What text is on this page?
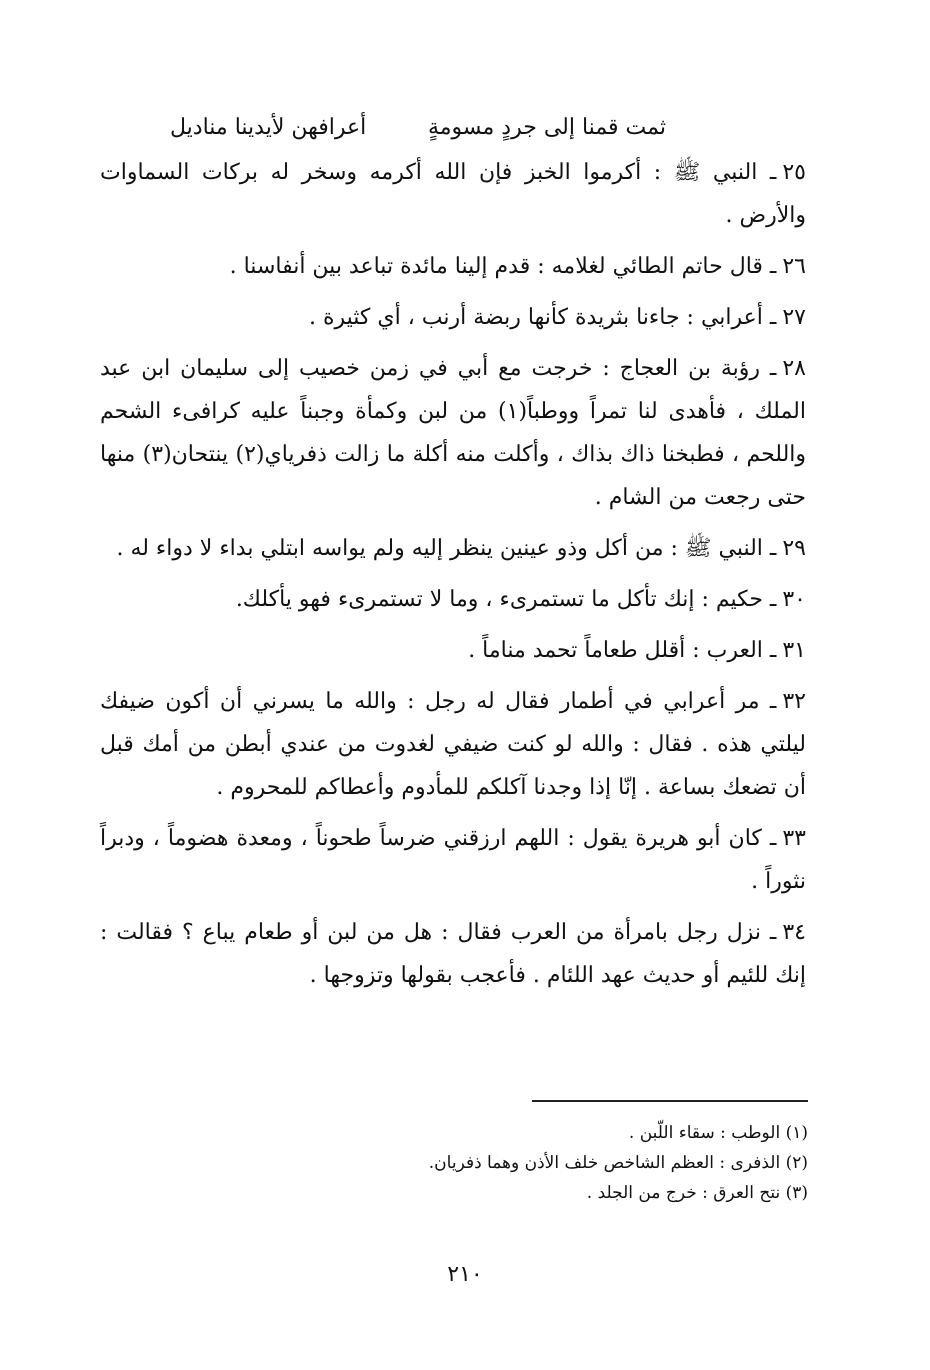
ثمت قمنا إلى جردٍ مسومةٍ
أعرافهن لأيدينا مناديل

٢٥ـ النبي ﷺ : أكرموا الخبز فإن الله أكرمه وسخر له بركات السماوات والأرض .

٢٦ـ قال حاتم الطائي لغلامه : قدم إلينا مائدة تباعد بين أنفاسنا .

٢٧ـ أعرابي : جاءنا بثريدة كأنها ربضة أرنب ، أي كثيرة .

٢٨ـ رؤبة بن العجاج : خرجت مع أبي في زمن خصيب إلى سليمان ابن عبد الملك ، فأهدى لنا تمراً ووطباً(١) من لبن وكمأة وجبناً عليه كرافىء الشحم واللحم ، فطبخنا ذاك بذاك ، وأكلت منه أكلة ما زالت ذفرياي(٢) ينتحان(٣) منها حتى رجعت من الشام .

٢٩ـ النبي ﷺ : من أكل وذو عينين ينظر إليه ولم يواسه ابتلي بداء لا دواء له .

٣٠ـ حكيم : إنك تأكل ما تستمرىء ، وما لا تستمرىء فهو يأكلك.

٣١ـ العرب : أقلل طعاماً تحمد مناماً .

٣٢ـ مر أعرابي في أطمار فقال له رجل : والله ما يسرني أن أكون ضيفك ليلتي هذه . فقال : والله لو كنت ضيفي لغدوت من عندي أبطن من أمك قبل أن تضعك بساعة . إنّا إذا وجدنا آكلكم للمأدوم وأعطاكم للمحروم .

٣٣ـ كان أبو هريرة يقول : اللهم ارزقني ضرساً طحوناً ، ومعدة هضوماً ، ودبراً نثوراً .

٣٤ـ نزل رجل بامرأة من العرب فقال : هل من لبن أو طعام يباع ؟ فقالت : إنك للئيم أو حديث عهد اللئام . فأعجب بقولها وتزوجها .

(١) الوطب : سقاء اللّبن .
(٢) الذفرى : العظم الشاخص خلف الأذن وهما ذفريان.
(٣) نتح العرق : خرج من الجلد .
٢١٠
